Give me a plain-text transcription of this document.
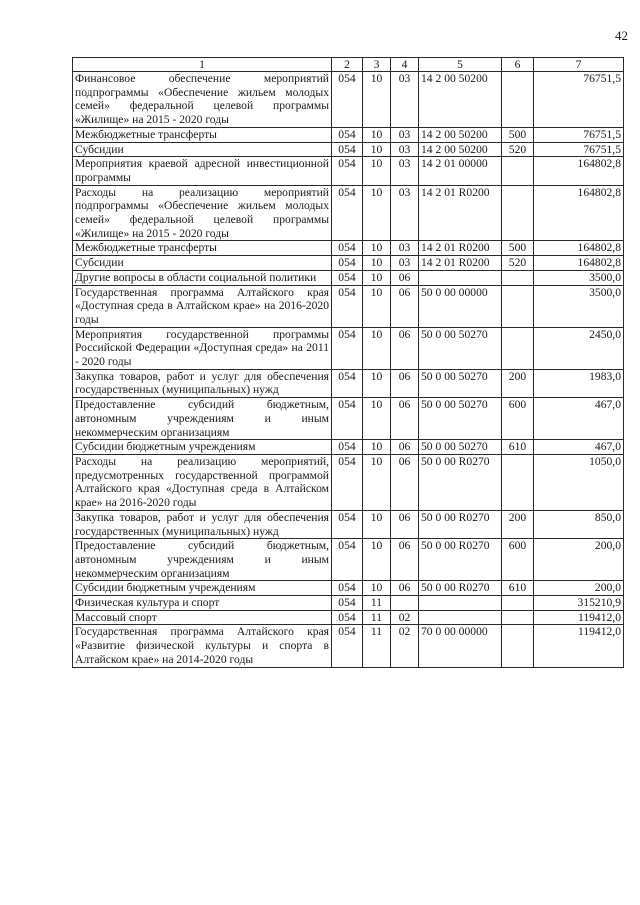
42
1	2	3	4	5	6	7
Финансовое обеспечение мероприятий подпрограммы «Обеспечение жильем молодых семей» федеральной целевой программы «Жилище» на 2015 - 2020 годы	054	10	03	14 2 00 50200		76751,5
Межбюджетные трансферты	054	10	03	14 2 00 50200	500	76751,5
Субсидии	054	10	03	14 2 00 50200	520	76751,5
Мероприятия краевой адресной инвестиционной программы	054	10	03	14 2 01 00000		164802,8
Расходы на реализацию мероприятий подпрограммы «Обеспечение жильем молодых семей» федеральной целевой программы «Жилище» на 2015 - 2020 годы	054	10	03	14 2 01 R0200		164802,8
Межбюджетные трансферты	054	10	03	14 2 01 R0200	500	164802,8
Субсидии	054	10	03	14 2 01 R0200	520	164802,8
Другие вопросы в области социальной политики	054	10	06			3500,0
Государственная программа Алтайского края «Доступная среда в Алтайском крае» на 2016-2020 годы	054	10	06	50 0 00 00000		3500,0
Мероприятия государственной программы Российской Федерации «Доступная среда» на 2011 - 2020 годы	054	10	06	50 0 00 50270		2450,0
Закупка товаров, работ и услуг для обеспечения государственных (муниципальных) нужд	054	10	06	50 0 00 50270	200	1983,0
Предоставление субсидий бюджетным, автономным учреждениям и иным некоммерческим организациям	054	10	06	50 0 00 50270	600	467,0
Субсидии бюджетным учреждениям	054	10	06	50 0 00 50270	610	467,0
Расходы на реализацию мероприятий, предусмотренных государственной программой Алтайского края «Доступная среда в Алтайском крае» на 2016-2020 годы	054	10	06	50 0 00 R0270		1050,0
Закупка товаров, работ и услуг для обеспечения государственных (муниципальных) нужд	054	10	06	50 0 00 R0270	200	850,0
Предоставление субсидий бюджетным, автономным учреждениям и иным некоммерческим организациям	054	10	06	50 0 00 R0270	600	200,0
Субсидии бюджетным учреждениям	054	10	06	50 0 00 R0270	610	200,0
Физическая культура и спорт	054	11				315210,9
Массовый спорт	054	11	02			119412,0
Государственная программа Алтайского края «Развитие физической культуры и спорта в Алтайском крае» на 2014-2020 годы	054	11	02	70 0 00 00000		119412,0
